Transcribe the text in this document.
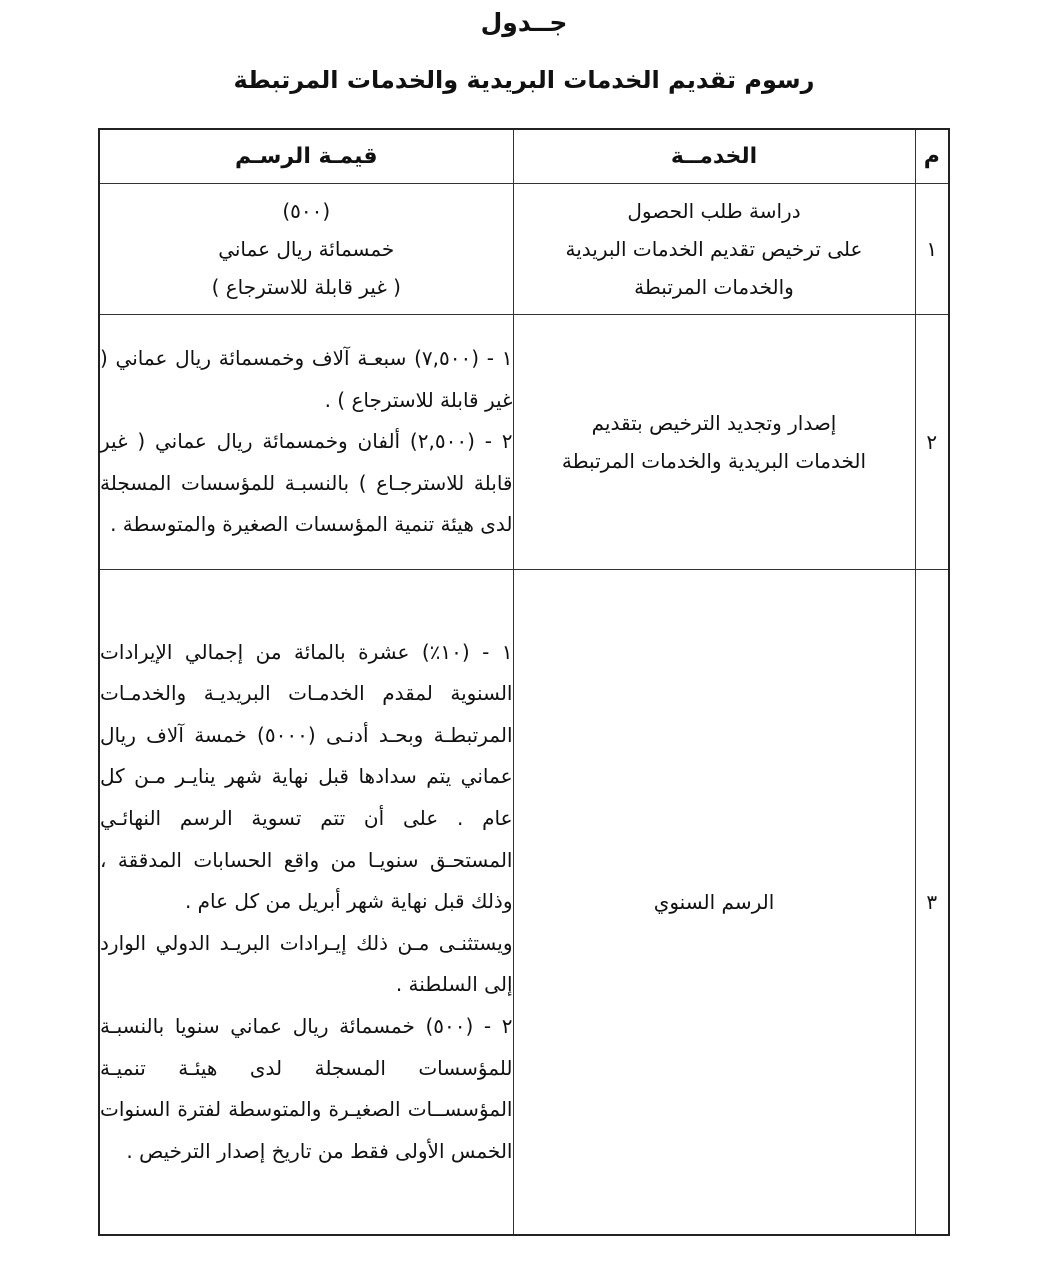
جــدول
رسوم تقديم الخدمات البريدية والخدمات المرتبطة
م	الخدمــة	قيمـة الرسـم
١	دراسة طلب الحصول
على ترخيص تقديم الخدمات البريدية
والخدمات المرتبطة	(٥٠٠)
خمسمائة ريال عماني
( غير قابلة للاسترجاع )

٢	إصدار وتجديد الترخيص بتقديم
الخدمات البريدية والخدمات المرتبطة	١ - (٧,٥٠٠) سبعـة آلاف وخمسمائة ريال عماني ( غير قابلة للاسترجاع ) .
٢ - (٢,٥٠٠) ألفان وخمسمائة ريال عماني ( غير قابلة للاسترجـاع ) بالنسبـة للمؤسسات المسجلة لدى هيئة تنمية المؤسسات الصغيرة والمتوسطة .

٣	الرسم السنوي	١ - (١٠٪) عشرة بالمائة من إجمالي الإيرادات السنوية لمقدم الخدمـات البريديـة والخدمـات المرتبطـة وبحـد أدنـى (٥٠٠٠) خمسة آلاف ريال عماني يتم سدادها قبل نهاية شهر ينايـر مـن كل عام . على أن تتم تسوية الرسم النهائـي المستحـق سنويـا من واقع الحسابات المدققة ، وذلك قبل نهاية شهر أبريل من كل عام .
ويستثنـى مـن ذلك إيـرادات البريـد الدولي الوارد إلى السلطنة .
٢ - (٥٠٠) خمسمائة ريال عماني سنويا بالنسبـة للمؤسسات المسجلة لدى هيئـة تنميـة المؤسســات الصغيـرة والمتوسطة لفترة السنوات الخمس الأولى فقط من تاريخ إصدار الترخيص .
